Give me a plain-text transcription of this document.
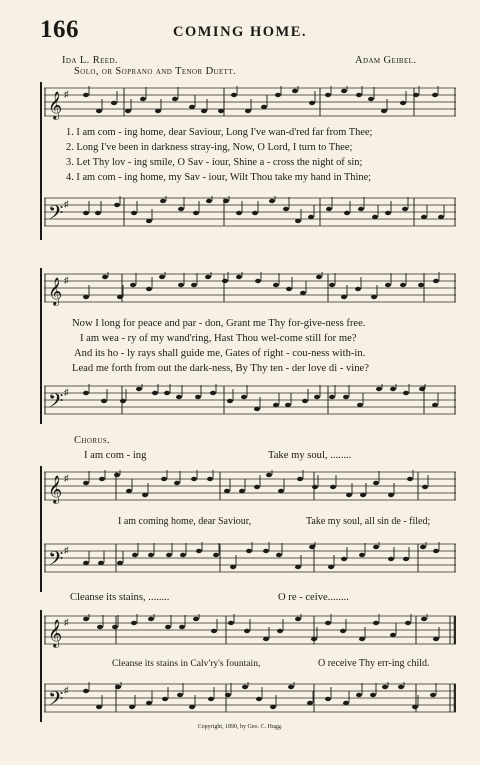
166	COMING HOME.
Ida L. Reed.	Adam Geibel.
Solo, or Soprano and Tenor Duett.
𝄞 ♯
1. I am com - ing home, dear Saviour, Long I've wan-d'red far from Thee;
2. Long I've been in darkness stray-ing, Now, O Lord, I turn to Thee;
3. Let Thy lov - ing smile, O Sav - iour, Shine a - cross the night of sin;
4. I am com - ing home, my Sav - iour, Wilt Thou take my hand in Thine;
𝄢 ♯
𝄞 ♯
Now I long for peace and par - don, Grant me Thy for-give-ness free.
I am wea - ry of my wand'ring, Hast Thou wel-come still for me?
And its ho - ly rays shall guide me, Gates of right - cou-ness with-in.
Lead me forth from out the dark-ness, By Thy ten - der love di - vine?
𝄢 ♯
Chorus.
I am com - ing	Take my soul, ........
𝄞 ♯
I am coming home, dear Saviour,	Take my soul, all sin de - filed;
𝄢 ♯
Cleanse its stains, ........	O re - ceive........
𝄞 ♯
Cleanse its stains in Calv'ry's fountain,	O receive Thy err-ing child.
𝄢 ♯
Copyright, 1890, by Geo. C. Hugg.
